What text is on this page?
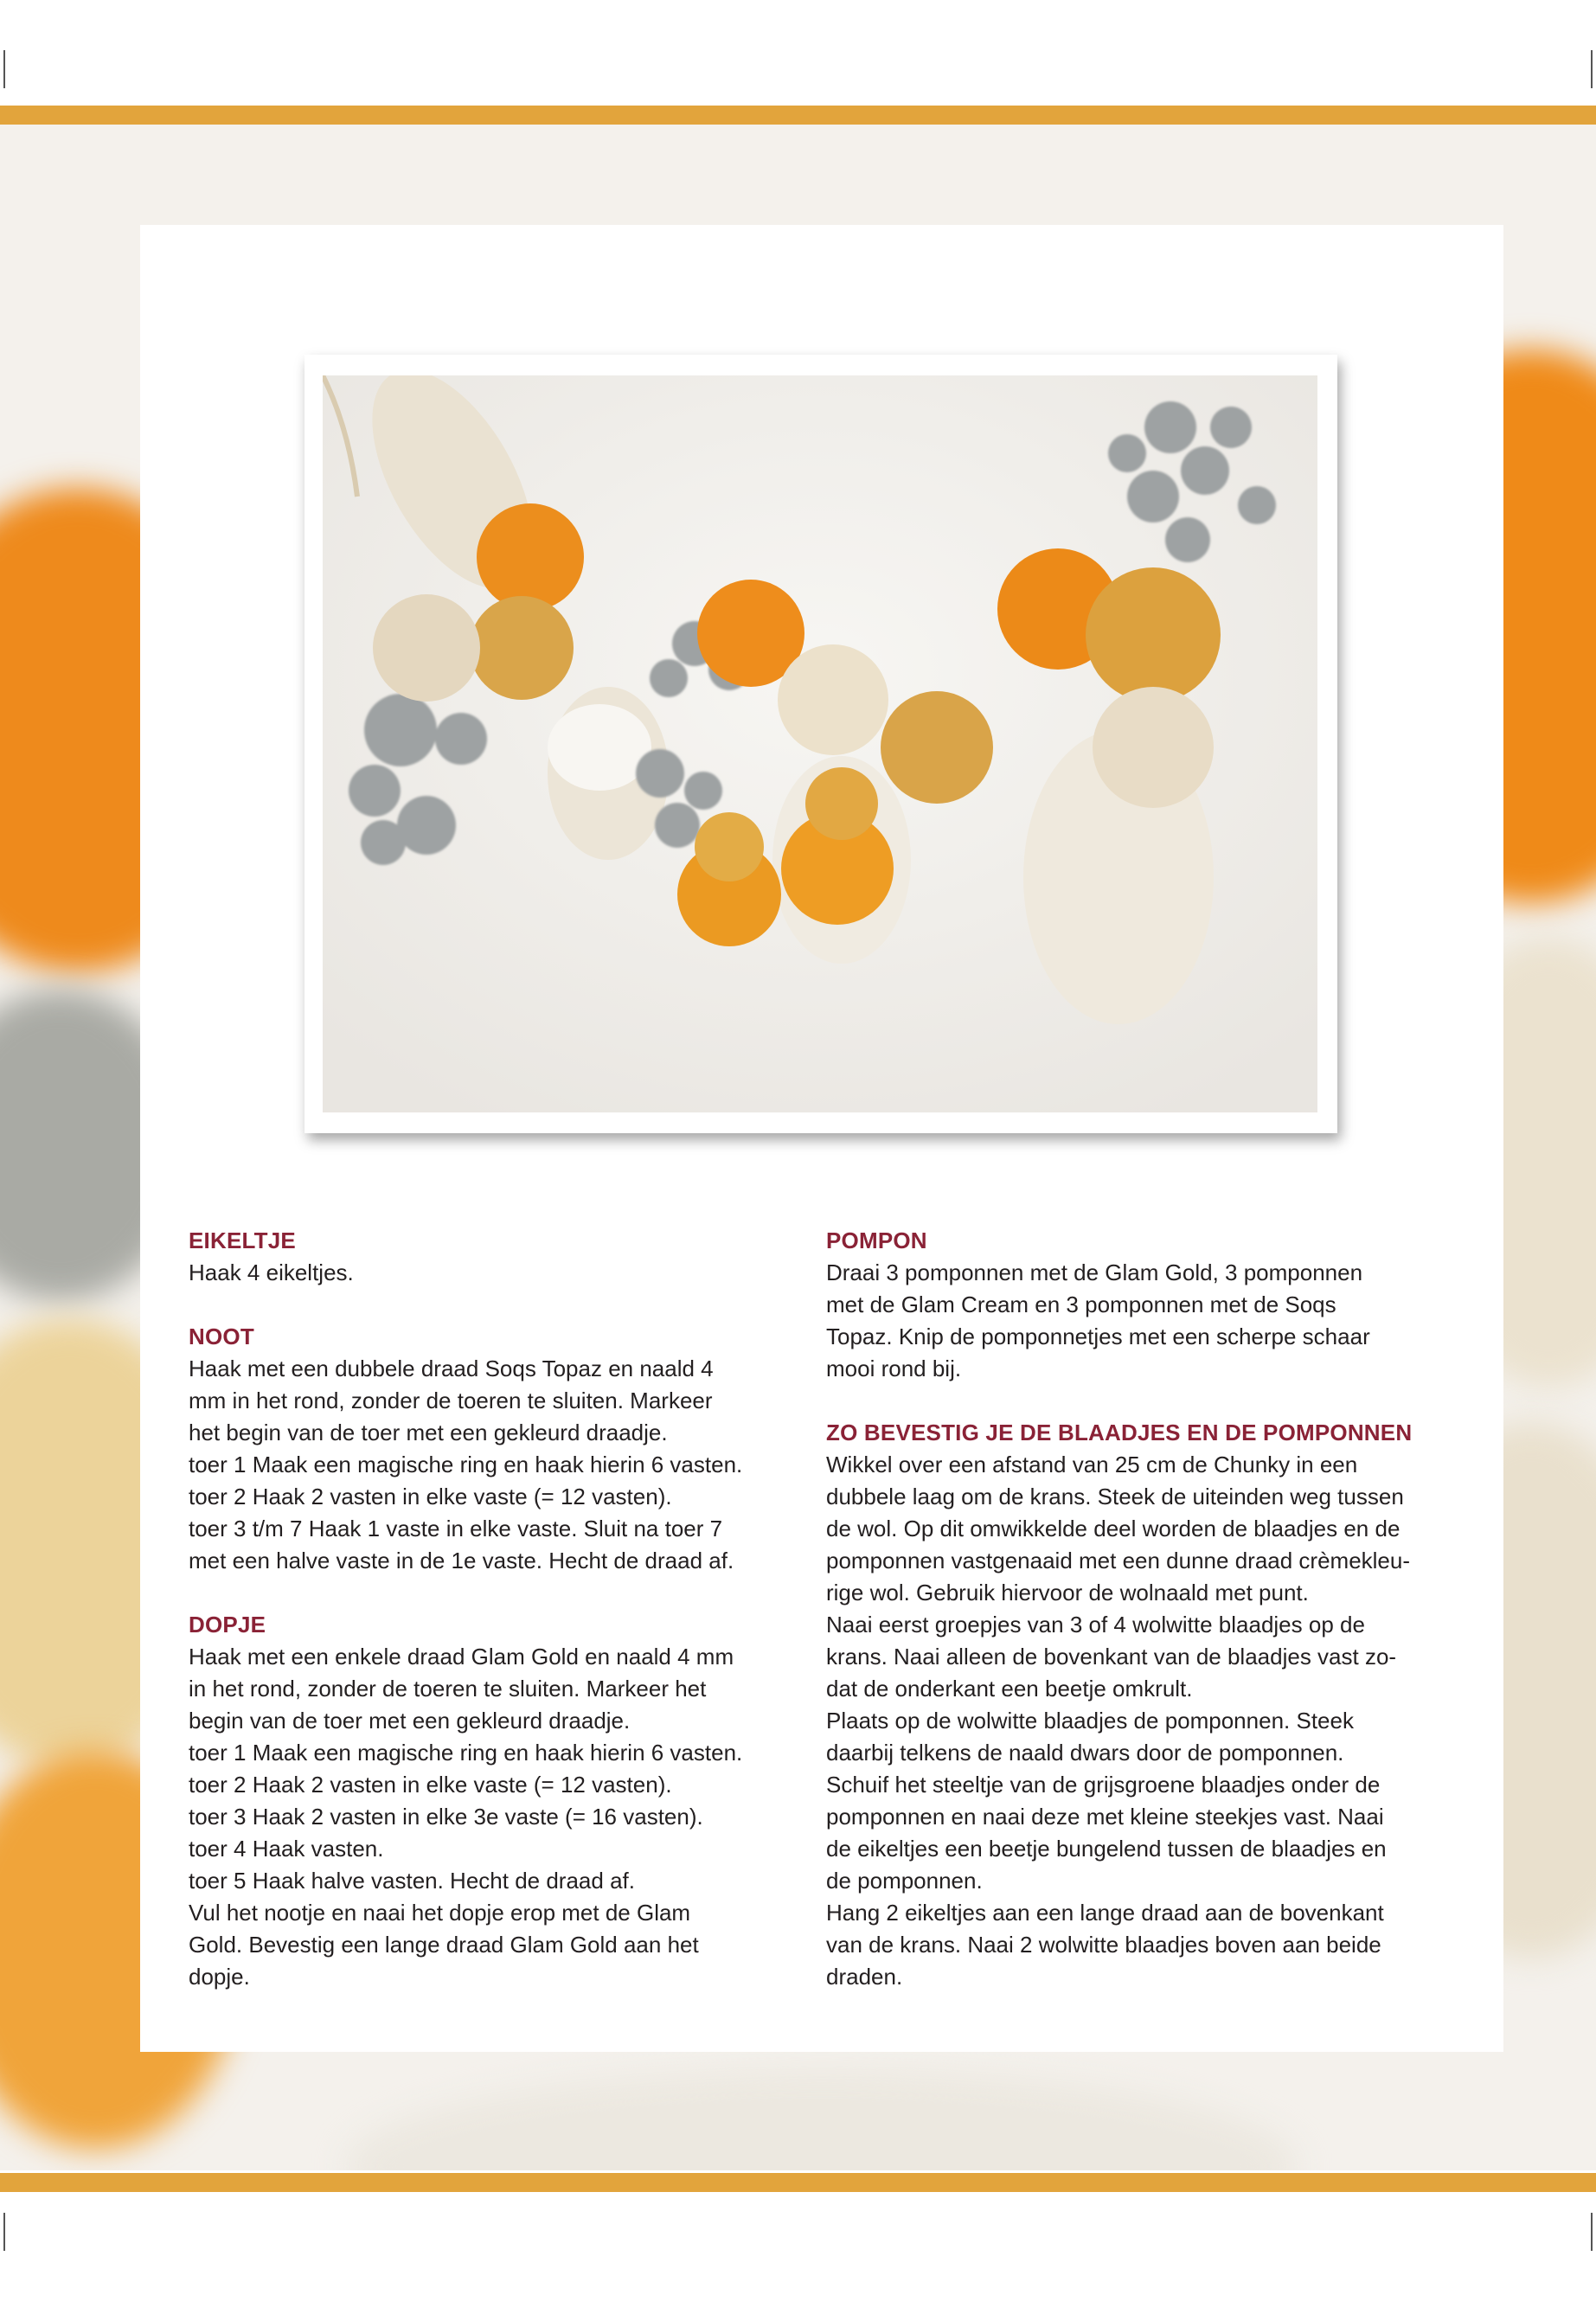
EIKELTJE

Haak 4 eikeltjes.

NOOT

Haak met een dubbele draad Soqs Topaz en naald 4

mm in het rond, zonder de toeren te sluiten. Markeer

het begin van de toer met een gekleurd draadje.

toer 1 Maak een magische ring en haak hierin 6 vasten.

toer 2 Haak 2 vasten in elke vaste (= 12 vasten).

toer 3 t/m 7 Haak 1 vaste in elke vaste. Sluit na toer 7

met een halve vaste in de 1e vaste. Hecht de draad af.

DOPJE

Haak met een enkele draad Glam Gold en naald 4 mm

in het rond, zonder de toeren te sluiten. Markeer het

begin van de toer met een gekleurd draadje.

toer 1 Maak een magische ring en haak hierin 6 vasten.

toer 2 Haak 2 vasten in elke vaste (= 12 vasten).

toer 3 Haak 2 vasten in elke 3e vaste (= 16 vasten).

toer 4 Haak vasten.

toer 5 Haak halve vasten. Hecht de draad af.

Vul het nootje en naai het dopje erop met de Glam

Gold. Bevestig een lange draad Glam Gold aan het

dopje.

POMPON

Draai 3 pomponnen met de Glam Gold, 3 pomponnen

met de Glam Cream en 3 pomponnen met de Soqs

Topaz. Knip de pomponnetjes met een scherpe schaar

mooi rond bij.

ZO BEVESTIG JE DE BLAADJES EN DE POMPONNEN

Wikkel over een afstand van 25 cm de Chunky in een

dubbele laag om de krans. Steek de uiteinden weg tussen

de wol. Op dit omwikkelde deel worden de blaadjes en de

pomponnen vastgenaaid met een dunne draad crèmekleu-

rige wol. Gebruik hiervoor de wolnaald met punt.

Naai eerst groepjes van 3 of 4 wolwitte blaadjes op de

krans. Naai alleen de bovenkant van de blaadjes vast zo-

dat de onderkant een beetje omkrult.

Plaats op de wolwitte blaadjes de pomponnen. Steek

daarbij telkens de naald dwars door de pomponnen.

Schuif het steeltje van de grijsgroene blaadjes onder de

pomponnen en naai deze met kleine steekjes vast. Naai

de eikeltjes een beetje bungelend tussen de blaadjes en

de pomponnen.

Hang 2 eikeltjes aan een lange draad aan de bovenkant

van de krans. Naai 2 wolwitte blaadjes boven aan beide

draden.
